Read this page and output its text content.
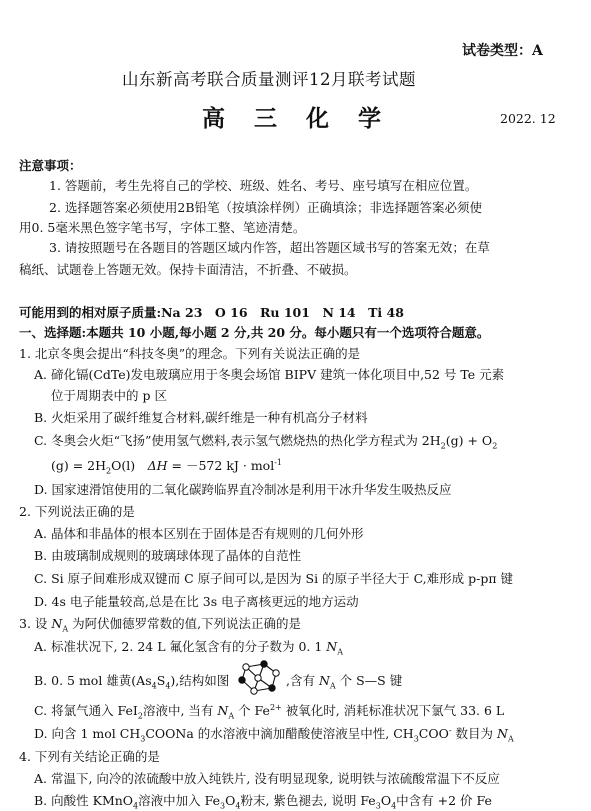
试卷类型：A
山东新高考联合质量测评12月联考试题
高　三　化　学	2022. 12
注意事项：
1. 答题前，考生先将自己的学校、班级、姓名、考号、座号填写在相应位置。
2. 选择题答案必须使用2B铅笔（按填涂样例）正确填涂；非选择题答案必须使
用0. 5毫米黑色签字笔书写，字体工整、笔迹清楚。
3. 请按照题号在各题目的答题区域内作答，超出答题区域书写的答案无效；在草
稿纸、试题卷上答题无效。保持卡面清洁，不折叠、不破损。
可能用到的相对原子质量:Na 23　O 16　Ru 101　N 14　Ti 48
一、选择题:本题共 10 小题,每小题 2 分,共 20 分。每小题只有一个选项符合题意。
1. 北京冬奥会提出“科技冬奥”的理念。下列有关说法正确的是
A. 碲化镉(CdTe)发电玻璃应用于冬奥会场馆 BIPV 建筑一体化项目中,52 号 Te 元素
位于周期表中的 p 区
B. 火炬采用了碳纤维复合材料,碳纤维是一种有机高分子材料
C. 冬奥会火炬“飞扬”使用氢气燃料,表示氢气燃烧热的热化学方程式为 $2H_2(g) + O_2$
$(g) = 2H_2O(l)$　ΔH = －572 kJ · mol$^{-1}$
D. 国家速滑馆使用的二氧化碳跨临界直冷制冰是利用干冰升华发生吸热反应
2. 下列说法正确的是
A. 晶体和非晶体的根本区别在于固体是否有规则的几何外形
B. 由玻璃制成规则的玻璃球体现了晶体的自范性
C. Si 原子间难形成双键而 C 原子间可以,是因为 Si 的原子半径大于 C,难形成 p-pπ 键
D. 4s 电子能量较高,总是在比 3s 电子离核更远的地方运动
3. 设 $N_A$ 为阿伏伽德罗常数的值,下列说法正确的是
A. 标准状况下, 2. 24 L 氟化氢含有的分子数为 0. 1 $N_A$
B. 0. 5 mol 雄黄$(As_4S_4)$,结构如图	,含有 $N_A$ 个 S—S 键
C. 将氯气通入 FeI$_2$溶液中, 当有 $N_A$ 个 $Fe^{2+}$ 被氧化时, 消耗标准状况下氯气 33. 6 L
D. 向含 1 mol $CH_3COONa$ 的水溶液中滴加醋酸使溶液呈中性, $CH_3COO^-$ 数目为 $N_A$
4. 下列有关结论正确的是
A. 常温下, 向冷的浓硫酸中放入纯铁片, 没有明显现象, 说明铁与浓硫酸常温下不反应
B. 向酸性 KMnO$_4$溶液中加入 $Fe_3O_4$粉末, 紫色褪去, 说明 $Fe_3O_4$中含有 +2 价 Fe
